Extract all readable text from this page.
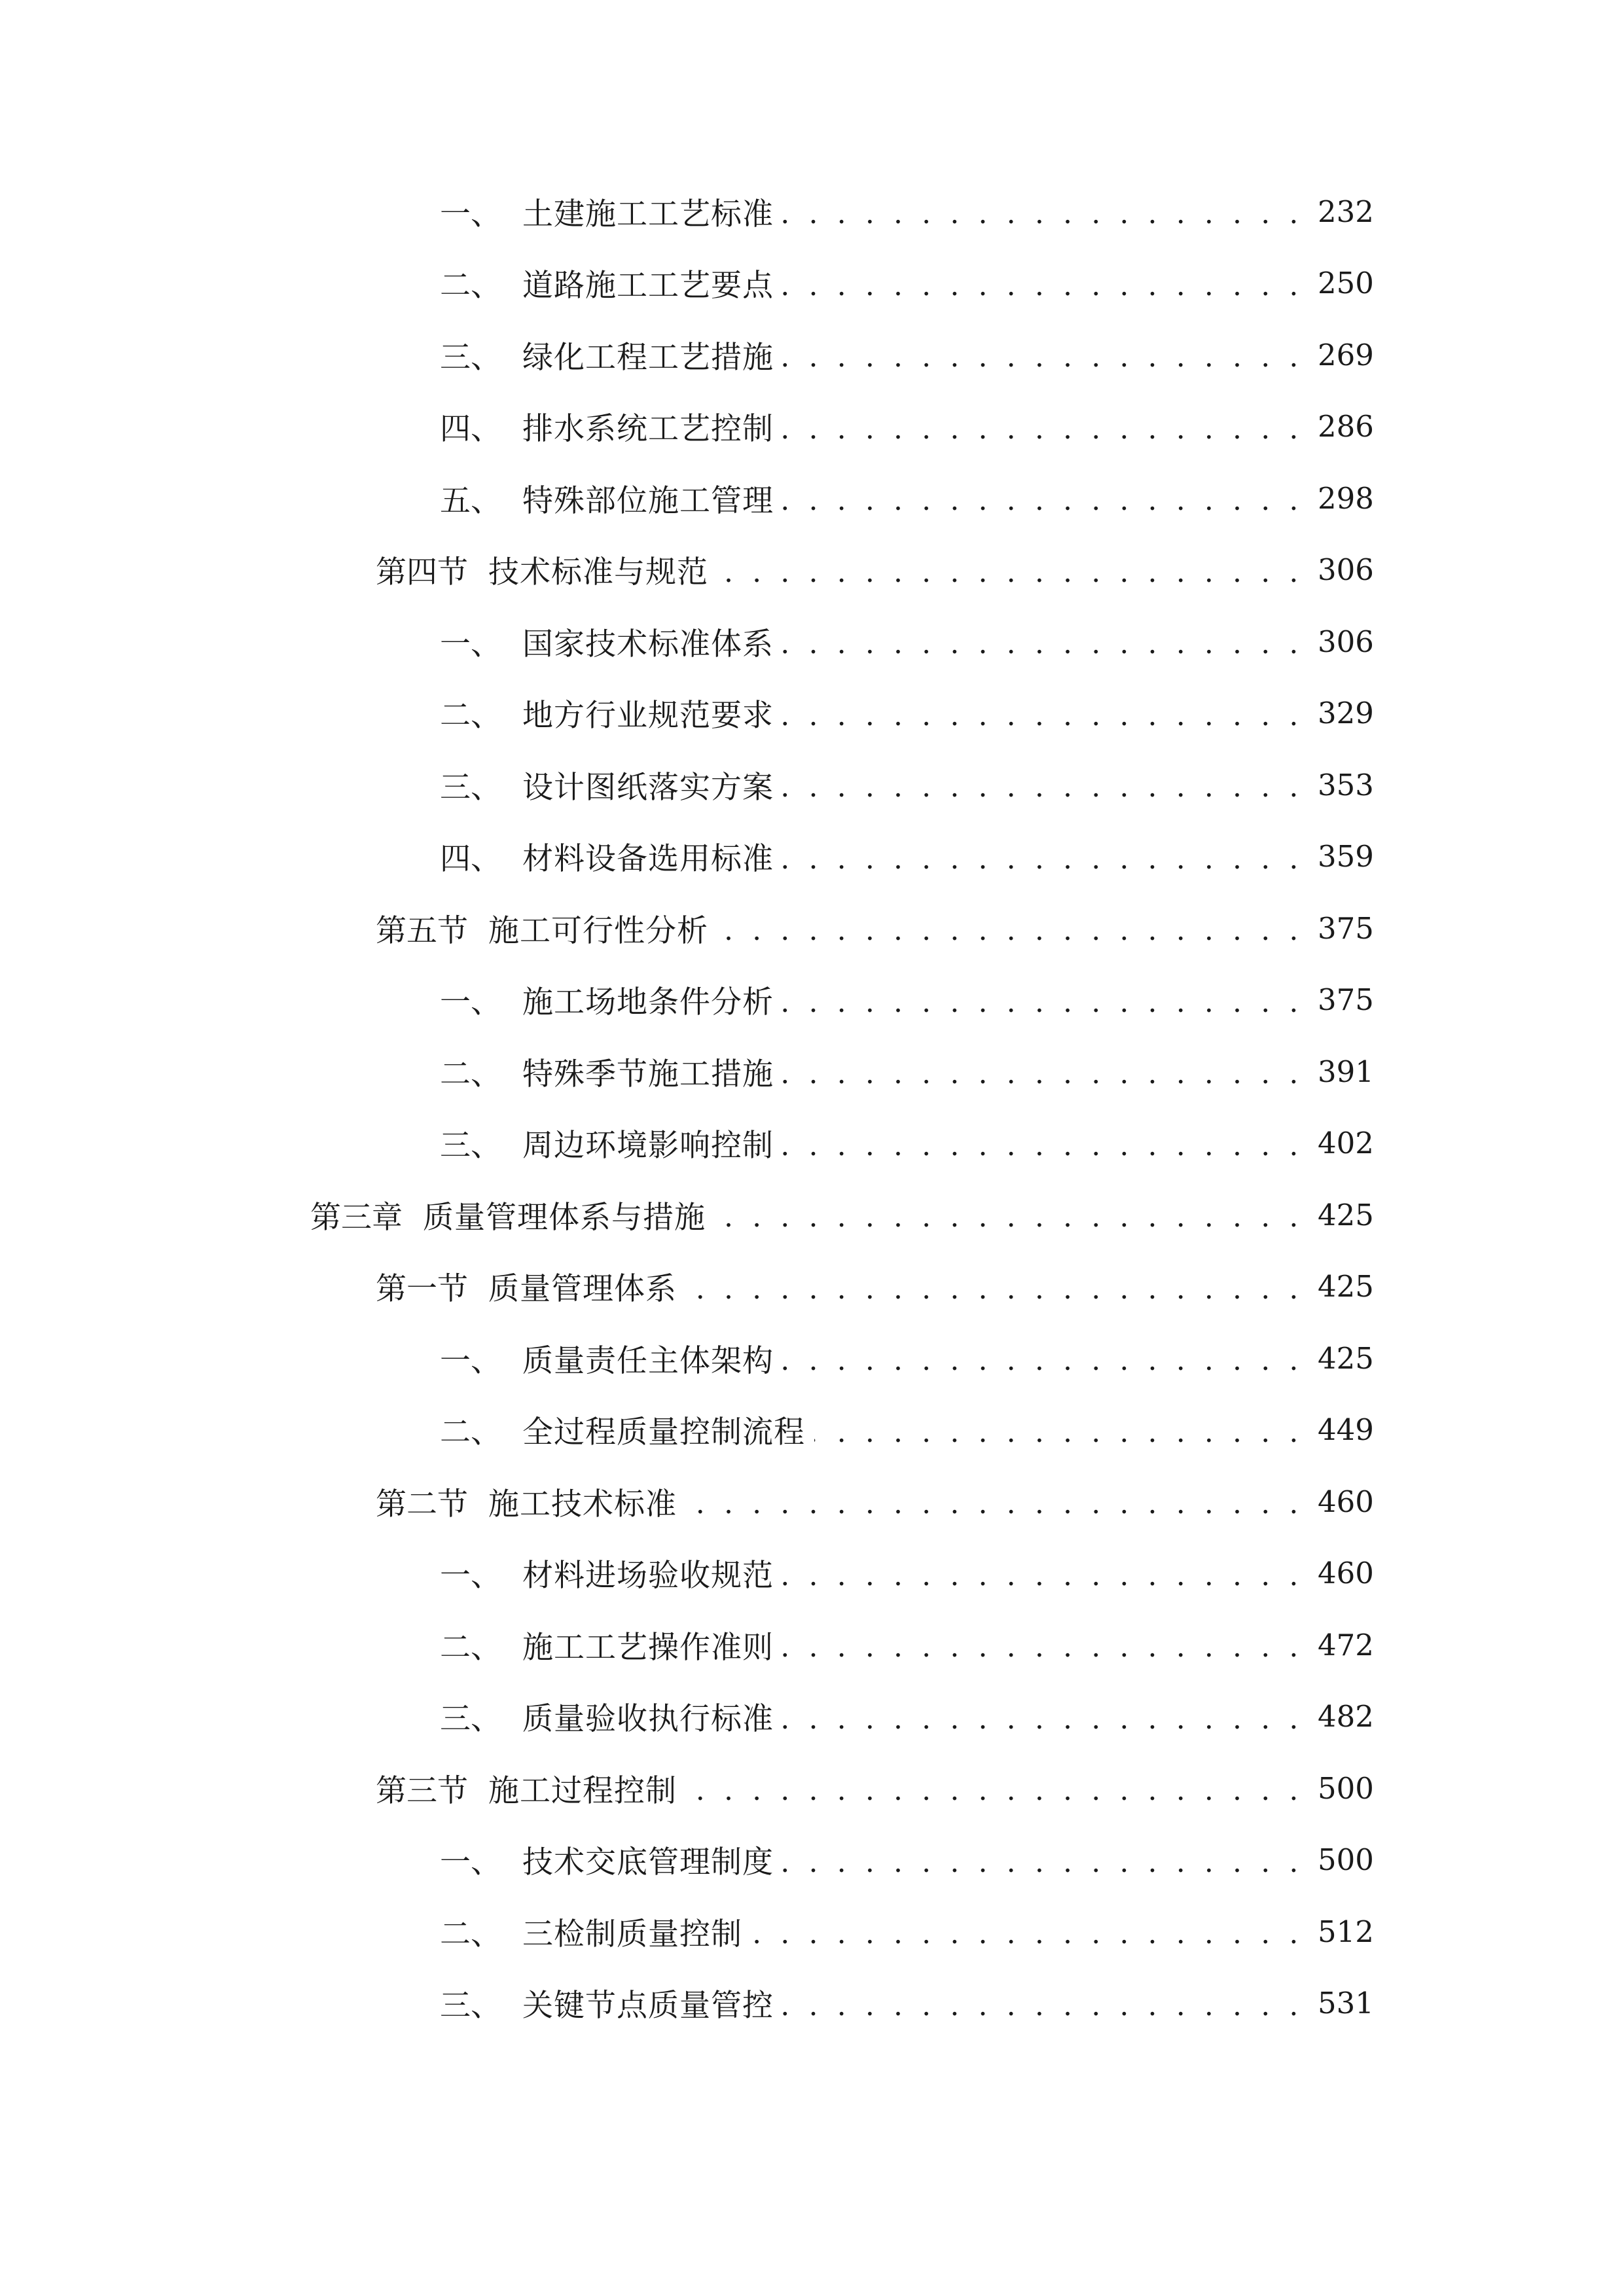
一、 土建施工工艺标准 . . .	232
二、 道路施工工艺要点 . . .	250
三、 绿化工程工艺措施 . . .	269
四、 排水系统工艺控制 . . .	286
五、 特殊部位施工管理 . . .	298
第四节 技术标准与规范 . . .	306
一、 国家技术标准体系 . . .	306
二、 地方行业规范要求 . . .	329
三、 设计图纸落实方案 . . .	353
四、 材料设备选用标准 . . .	359
第五节 施工可行性分析 . . .	375
一、 施工场地条件分析 . . .	375
二、 特殊季节施工措施 . . .	391
三、 周边环境影响控制 . . .	402
第三章 质量管理体系与措施 . . .	425
第一节 质量管理体系 . . .	425
一、 质量责任主体架构 . . .	425
二、 全过程质量控制流程 . . .	449
第二节 施工技术标准 . . .	460
一、 材料进场验收规范 . . .	460
二、 施工工艺操作准则 . . .	472
三、 质量验收执行标准 . . .	482
第三节 施工过程控制 . . .	500
一、 技术交底管理制度 . . .	500
二、 三检制质量控制 . . .	512
三、 关键节点质量管控 . . .	531
